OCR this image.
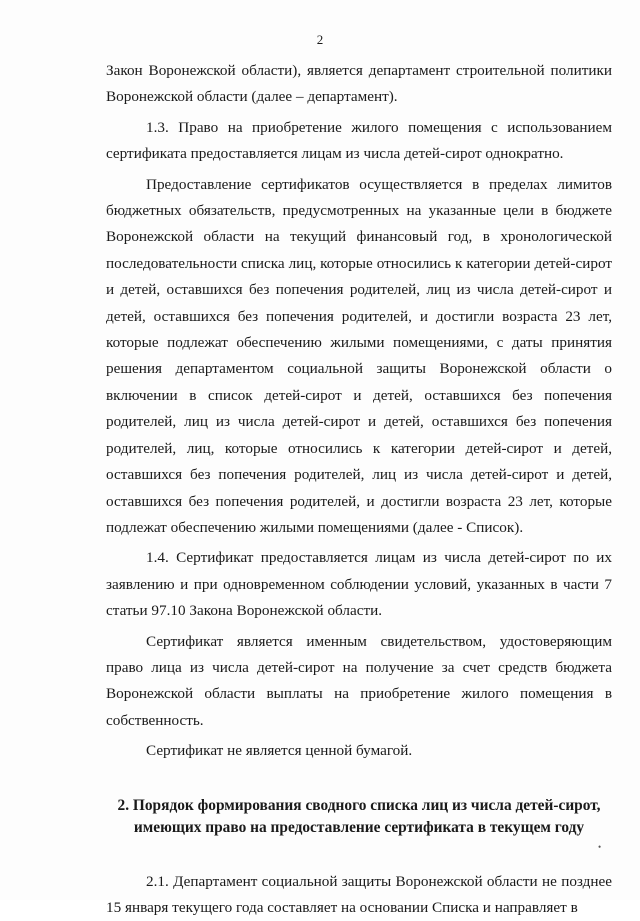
2

Закон Воронежской области), является департамент строительной политики Воронежской области (далее – департамент).

1.3. Право на приобретение жилого помещения с использованием сертификата предоставляется лицам из числа детей-сирот однократно.

Предоставление сертификатов осуществляется в пределах лимитов бюджетных обязательств, предусмотренных на указанные цели в бюджете Воронежской области на текущий финансовый год, в хронологической последовательности списка лиц, которые относились к категории детей-сирот и детей, оставшихся без попечения родителей, лиц из числа детей-сирот и детей, оставшихся без попечения родителей, и достигли возраста 23 лет, которые подлежат обеспечению жилыми помещениями, с даты принятия решения департаментом социальной защиты Воронежской области о включении в список детей-сирот и детей, оставшихся без попечения родителей, лиц из числа детей-сирот и детей, оставшихся без попечения родителей, лиц, которые относились к категории детей-сирот и детей, оставшихся без попечения родителей, лиц из числа детей-сирот и детей, оставшихся без попечения родителей, и достигли возраста 23 лет, которые подлежат обеспечению жилыми помещениями (далее - Список).

1.4. Сертификат предоставляется лицам из числа детей-сирот по их заявлению и при одновременном соблюдении условий, указанных в части 7 статьи 97.10 Закона Воронежской области.

Сертификат является именным свидетельством, удостоверяющим право лица из числа детей-сирот на получение за счет средств бюджета Воронежской области выплаты на приобретение жилого помещения в собственность.

Сертификат не является ценной бумагой.

2. Порядок формирования сводного списка лиц из числа детей-сирот, имеющих право на предоставление сертификата в текущем году

2.1. Департамент социальной защиты Воронежской области не позднее 15 января текущего года составляет на основании Списка и направляет в

•
